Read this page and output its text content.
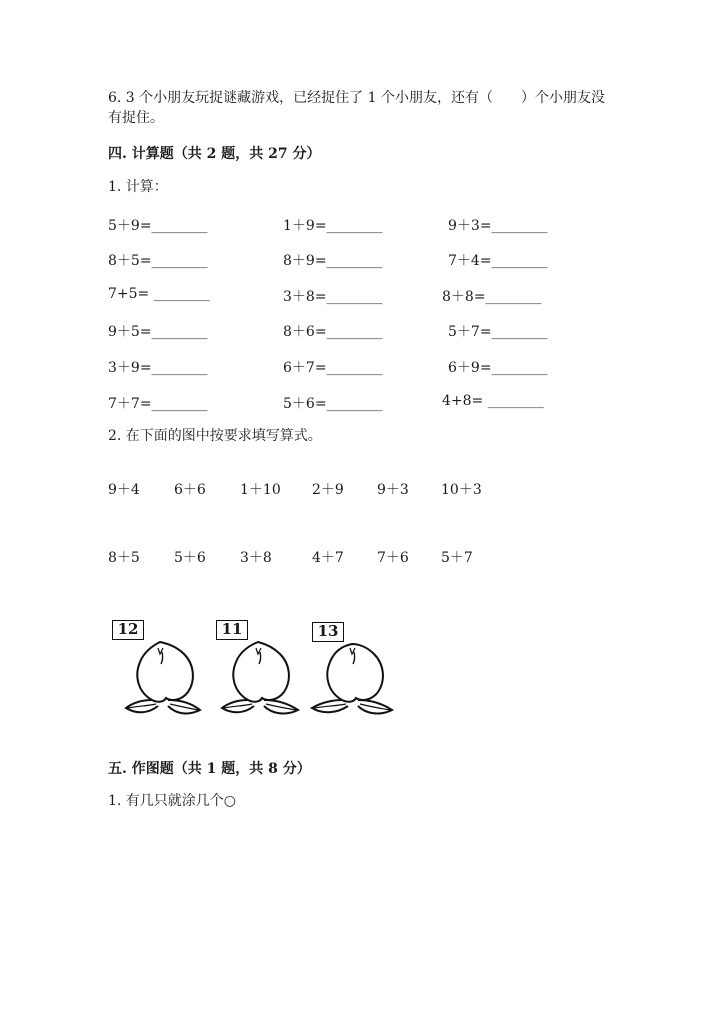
6. 3 个小朋友玩捉谜藏游戏，已经捉住了 1 个小朋友，还有（　　）个小朋友没
有捉住。
四. 计算题（共 2 题，共 27 分）
1. 计算：
5＋9=________	1＋9=________	9＋3=________
8＋5=________	8＋9=________	7＋4=________
7+5= ________	3＋8=________	8＋8=________
9＋5=________	8＋6=________	5＋7=________
3＋9=________	6＋7=________	6＋9=________
7＋7=________	5＋6=________	4+8= ________
2. 在下面的图中按要求填写算式。
9＋4 6＋6 1＋10 2＋9 9＋3 10＋3
8＋5 5＋6 3＋8	4＋7 7＋6 5＋7
12	11	13
五. 作图题（共 1 题，共 8 分）
1. 有几只就涂几个○
